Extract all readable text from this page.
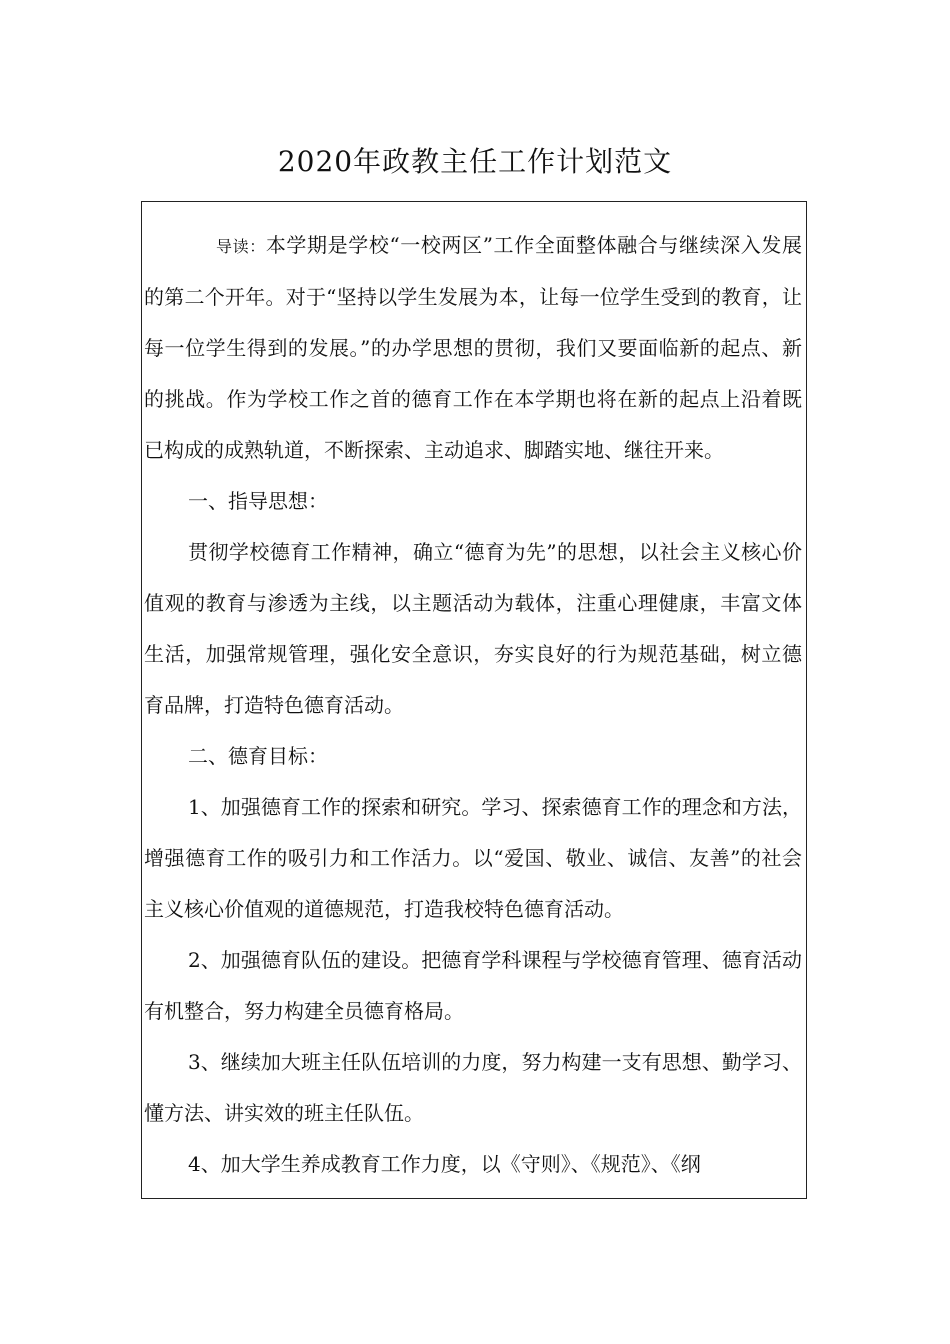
2020年政教主任工作计划范文

导读：本学期是学校“一校两区”工作全面整体融合与继续深入发展的第二个开年。对于“坚持以学生发展为本，让每一位学生受到的教育，让每一位学生得到的发展。”的办学思想的贯彻，我们又要面临新的起点、新的挑战。作为学校工作之首的德育工作在本学期也将在新的起点上沿着既已构成的成熟轨道，不断探索、主动追求、脚踏实地、继往开来。

一、指导思想：

贯彻学校德育工作精神，确立“德育为先”的思想，以社会主义核心价值观的教育与渗透为主线，以主题活动为载体，注重心理健康，丰富文体生活，加强常规管理，强化安全意识，夯实良好的行为规范基础，树立德育品牌，打造特色德育活动。

二、德育目标：

1、加强德育工作的探索和研究。学习、探索德育工作的理念和方法，增强德育工作的吸引力和工作活力。以“爱国、敬业、诚信、友善”的社会主义核心价值观的道德规范，打造我校特色德育活动。

2、加强德育队伍的建设。把德育学科课程与学校德育管理、德育活动有机整合，努力构建全员德育格局。

3、继续加大班主任队伍培训的力度，努力构建一支有思想、勤学习、懂方法、讲实效的班主任队伍。

4、加大学生养成教育工作力度，以《守则》、《规范》、《纲
